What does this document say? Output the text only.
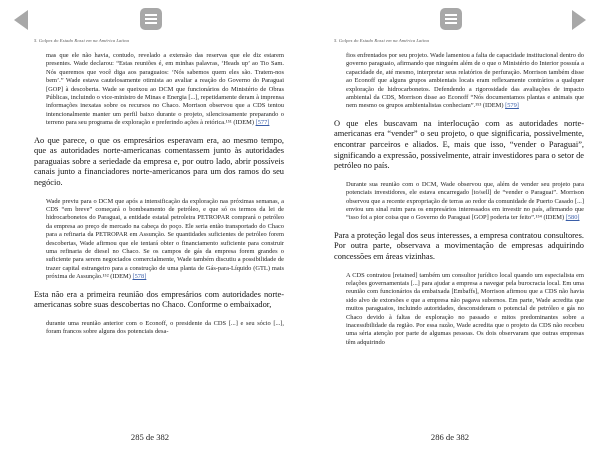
5. Golpes do Estado Rossi em na América Latina

mas que ele não havia, contudo, revelado a extensão das reservas que ele diz estarem presentes. Wade declarou: “Estas reuniões é, em minhas palavras, ‘Heads up’ ao Tio Sam. Nós queremos que você diga aos paraguaios: ‘Nós sabemos quem eles são. Tratem-nos bem’.” Wade estava cautelosamente otimista ao avaliar a reação do Governo do Paraguai [GOP] à descoberta. Wade se queixou ao DCM que funcionários do Ministério de Obras Públicas, incluindo o vice-ministro de Minas e Energia [...], repetidamente deram à imprensa informações inexatas sobre os recursos no Chaco. Morrison observou que a CDS tentou intencionalmente manter um perfil baixo durante o projeto, silenciosamente preparando o terreno para seu programa de exploração e preferindo ações à retórica.¹⁵¹ (IDEM) [577]

Ao que parece, o que os empresários esperavam era, ao mesmo tempo, que as autoridades norte-americanas comentassem junto às autoridades paraguaias sobre a seriedade da empresa e, por outro lado, abrir possíveis canais junto a financiadores norte-americanos para um dos ramos do seu negócio.

Wade previu para o DCM que após a intensificação da exploração nas próximas semanas, a CDS “em breve” começará o bombeamento de petróleo, e que só os termos da lei de hidrocarbonetos do Paraguai, a entidade estatal petroleira PETROPAR comprará o petróleo da empresa ao preço de mercado na cabeça do poço. Ele seria então transportado do Chaco para a refinaria da PETROPAR em Assunção. Se quantidades suficientes de petróleo forem descobertas, Wade afirmou que ele tentará obter o financiamento suficiente para construir uma refinaria de diesel no Chaco. Se os campos de gás da empresa forem grandes o suficiente para serem negociados comercialmente, Wade também discutiu a possibilidade de trazer capital estrangeiro para a construção de uma planta de Gás-para-Líquido (GTL) mais próxima de Assunção.¹⁵² (IDEM) [578]

Esta não era a primeira reunião dos empresários com autoridades norte-americanas sobre suas descobertas no Chaco. Conforme o embaixador,

durante uma reunião anterior com o Econoff, o presidente da CDS [...] e seu sócio [...], foram francos sobre alguns dos potenciais desa-

285 de 382
5. Golpes do Estado Rossi em na América Latina

fios enfrentados por seu projeto. Wade lamentou a falta de capacidade institucional dentro do governo paraguaio, afirmando que ninguém além de o que o Ministério do Interior possuía a capacidade de, até mesmo, interpretar seus relatórios de perfuração. Morrison também disse ao Econoff que alguns grupos ambientais locais eram reflexamente contrários a qualquer exploração de hidrocarbonetos. Defendendo a rigorosidade das avaliações de impacto ambiental da CDS, Morrison disse ao Econoff “Nós documentamos plantas e animais que nem mesmo os grupos ambientalistas conheciam”.¹⁵³ (IDEM) [579]

O que eles buscavam na interlocução com as autoridades norte-americanas era “vender” o seu projeto, o que significaria, possivelmente, encontrar parceiros e aliados. E, mais que isso, “vender o Paraguai”, significando a expressão, possivelmente, atrair investidores para o setor de petróleo no país.

Durante sua reunião com o DCM, Wade observou que, além de vender seu projeto para potenciais investidores, ele estava encarregado [to/sell] de “vender o Paraguai”. Morrison observou que a recente expropriação de terras ao redor da comunidade de Puerto Casado [...] enviou um sinal ruim para os empresários interessados em investir no país, afirmando que “isso foi a pior coisa que o Governo do Paraguai [GOP] poderia ter feito”.¹⁵⁴ (IDEM) [580]

Para a proteção legal dos seus interesses, a empresa contratou consultores. Por outra parte, observava a movimentação de empresas adquirindo concessões em áreas vizinhas.

A CDS contratou [retained] também um consultor jurídico local quando um especialista em relações governamentais [...] para ajudar a empresa a navegar pela burocracia local. Em uma reunião com funcionários da embaixada [Embaffs], Morrison afirmou que a CDS não havia sido alvo de extorsões e que a empresa não pagava subornos. Em parte, Wade acredita que muitos paraguaios, incluindo autoridades, desconsideram o potencial de petróleo e gás no Chaco devido à faltas de exploração no passado e mitos predominantes sobre a inacessibilidade da região. Por essa razão, Wade acredita que o projeto da CDS não recebeu uma séria atenção por parte de algumas pessoas. Os dois observaram que outras empresas têm adquirindo

286 de 382
